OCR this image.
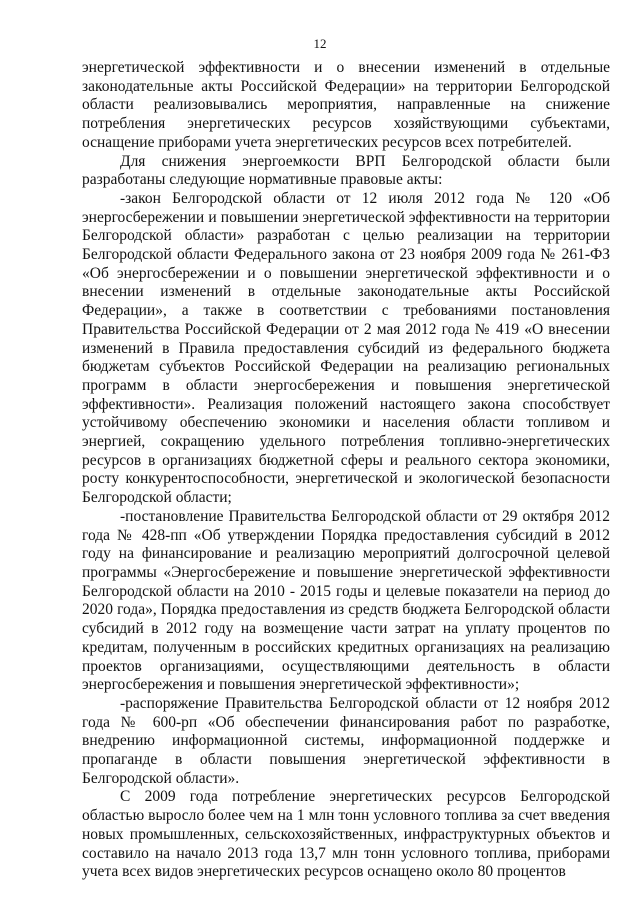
12

энергетической эффективности и о внесении изменений в отдельные законодательные акты Российской Федерации» на территории Белгородской области реализовывались мероприятия, направленные на снижение потребления энергетических ресурсов хозяйствующими субъектами, оснащение приборами учета энергетических ресурсов всех потребителей.

Для снижения энергоемкости ВРП Белгородской области были разработаны следующие нормативные правовые акты:

-закон Белгородской области от 12 июля 2012 года № 120 «Об энергосбережении и повышении энергетической эффективности на территории Белгородской области» разработан с целью реализации на территории Белгородской области Федерального закона от 23 ноября 2009 года № 261-ФЗ «Об энергосбережении и о повышении энергетической эффективности и о внесении изменений в отдельные законодательные акты Российской Федерации», а также в соответствии с требованиями постановления Правительства Российской Федерации от 2 мая 2012 года № 419 «О внесении изменений в Правила предоставления субсидий из федерального бюджета бюджетам субъектов Российской Федерации на реализацию региональных программ в области энергосбережения и повышения энергетической эффективности». Реализация положений настоящего закона способствует устойчивому обеспечению экономики и населения области топливом и энергией, сокращению удельного потребления топливно-энергетических ресурсов в организациях бюджетной сферы и реального сектора экономики, росту конкурентоспособности, энергетической и экологической безопасности Белгородской области;

-постановление Правительства Белгородской области от 29 октября 2012 года № 428-пп «Об утверждении Порядка предоставления субсидий в 2012 году на финансирование и реализацию мероприятий долгосрочной целевой программы «Энергосбережение и повышение энергетической эффективности Белгородской области на 2010 - 2015 годы и целевые показатели на период до 2020 года», Порядка предоставления из средств бюджета Белгородской области субсидий в 2012 году на возмещение части затрат на уплату процентов по кредитам, полученным в российских кредитных организациях на реализацию проектов организациями, осуществляющими деятельность в области энергосбережения и повышения энергетической эффективности»;

-распоряжение Правительства Белгородской области от 12 ноября 2012 года № 600-рп «Об обеспечении финансирования работ по разработке, внедрению информационной системы, информационной поддержке и пропаганде в области повышения энергетической эффективности в Белгородской области».

С 2009 года потребление энергетических ресурсов Белгородской областью выросло более чем на 1 млн тонн условного топлива за счет введения новых промышленных, сельскохозяйственных, инфраструктурных объектов и составило на начало 2013 года 13,7 млн тонн условного топлива, приборами учета всех видов энергетических ресурсов оснащено около 80 процентов
